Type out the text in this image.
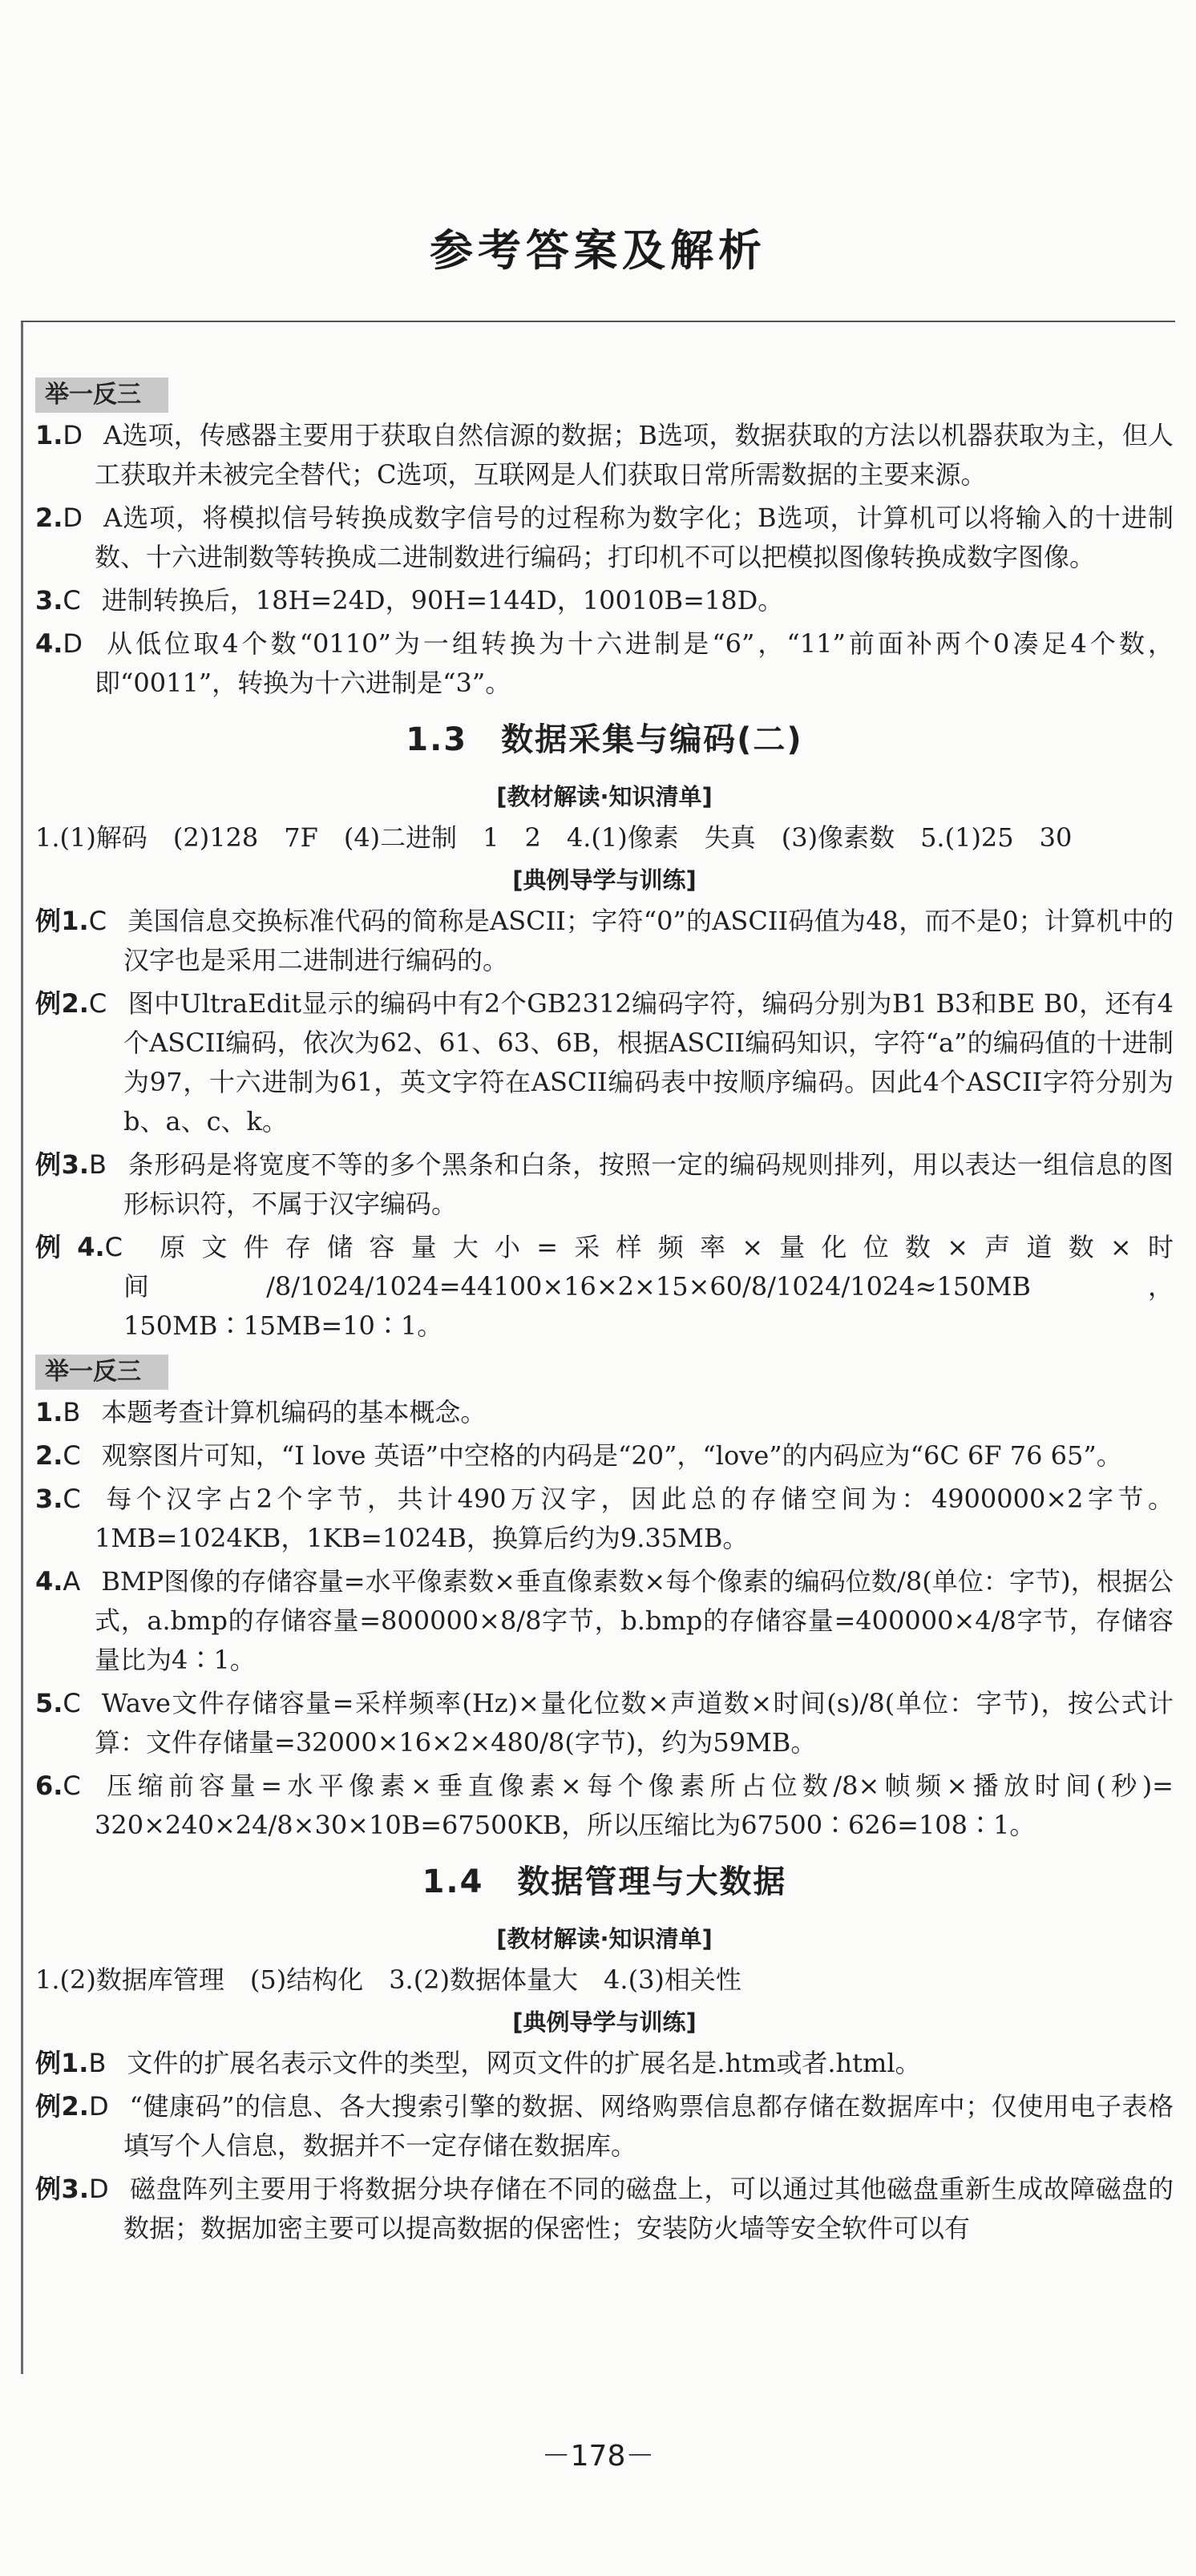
参考答案及解析
举一反三
1.D A选项，传感器主要用于获取自然信源的数据；B选项，数据获取的方法以机器获取为主，但人工获取并未被完全替代；C选项，互联网是人们获取日常所需数据的主要来源。
2.D A选项，将模拟信号转换成数字信号的过程称为数字化；B选项，计算机可以将输入的十进制数、十六进制数等转换成二进制数进行编码；打印机不可以把模拟图像转换成数字图像。
3.C 进制转换后，18H=24D，90H=144D，10010B=18D。
4.D 从低位取4个数“0110”为一组转换为十六进制是“6”，“11”前面补两个0凑足4个数，即“0011”，转换为十六进制是“3”。
1.3　数据采集与编码(二)
[教材解读·知识清单]
1.(1)解码　(2)128　7F　(4)二进制　1　2　4.(1)像素　失真　(3)像素数　5.(1)25　30
[典例导学与训练]
例1.C 美国信息交换标准代码的简称是ASCII；字符“0”的ASCII码值为48，而不是0；计算机中的汉字也是采用二进制进行编码的。
例2.C 图中UltraEdit显示的编码中有2个GB2312编码字符，编码分别为B1 B3和BE B0，还有4个ASCII编码，依次为62、61、63、6B，根据ASCII编码知识，字符“a”的编码值的十进制为97，十六进制为61，英文字符在ASCII编码表中按顺序编码。因此4个ASCII字符分别为b、a、c、k。
例3.B 条形码是将宽度不等的多个黑条和白条，按照一定的编码规则排列，用以表达一组信息的图形标识符，不属于汉字编码。
例4.C 原文件存储容量大小=采样频率×量化位数×声道数×时间/8/1024/1024=44100×16×2×15×60/8/1024/1024≈150MB，150MB∶15MB=10∶1。
举一反三
1.B 本题考查计算机编码的基本概念。
2.C 观察图片可知，“I love 英语”中空格的内码是“20”，“love”的内码应为“6C 6F 76 65”。
3.C 每个汉字占2个字节，共计490万汉字，因此总的存储空间为：4900000×2字节。1MB=1024KB，1KB=1024B，换算后约为9.35MB。
4.A BMP图像的存储容量=水平像素数×垂直像素数×每个像素的编码位数/8(单位：字节)，根据公式，a.bmp的存储容量=800000×8/8字节，b.bmp的存储容量=400000×4/8字节，存储容量比为4∶1。
5.C Wave文件存储容量=采样频率(Hz)×量化位数×声道数×时间(s)/8(单位：字节)，按公式计算：文件存储量=32000×16×2×480/8(字节)，约为59MB。
6.C 压缩前容量=水平像素×垂直像素×每个像素所占位数/8×帧频×播放时间(秒)= 320×240×24/8×30×10B=67500KB，所以压缩比为67500∶626=108∶1。
1.4　数据管理与大数据
[教材解读·知识清单]
1.(2)数据库管理　(5)结构化　3.(2)数据体量大　4.(3)相关性
[典例导学与训练]
例1.B 文件的扩展名表示文件的类型，网页文件的扩展名是.htm或者.html。
例2.D “健康码”的信息、各大搜索引擎的数据、网络购票信息都存储在数据库中；仅使用电子表格填写个人信息，数据并不一定存储在数据库。
例3.D 磁盘阵列主要用于将数据分块存储在不同的磁盘上，可以通过其他磁盘重新生成故障磁盘的数据；数据加密主要可以提高数据的保密性；安装防火墙等安全软件可以有
－178－
